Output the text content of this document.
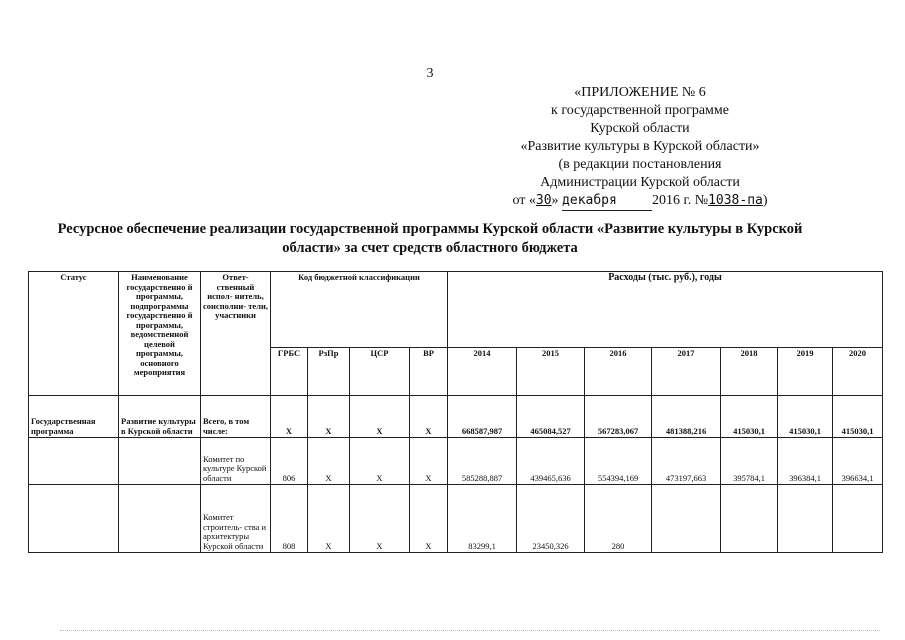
3
«ПРИЛОЖЕНИЕ № 6
к государственной программе
Курской области
«Развитие культуры в Курской области»
(в редакции постановления
Администрации Курской области
от «30» декабря	2016 г. №1038-па)
Ресурсное обеспечение реализации государственной программы Курской области «Развитие культуры в Курской области» за счет средств областного бюджета
Статус	Наименование государственно й программы, подпрограммы государственно й программы, ведомственной целевой программы, основного мероприятия	Ответ- ственный испол- нитель, соисполни- тели, участники	Код бюджетной классификации				Расходы (тыс. руб.), годы						
			ГРБС	РзПр	ЦСР	ВР	2014	2015	2016	2017	2018	2019	2020
Государственная программа	Развитие культуры в Курской области	Всего, в том числе:	X	X	X	X	668587,987	465084,527	567283,067	481388,216	415030,1	415030,1	415030,1
		Комитет по культуре Курской области	806	X	X	X	585288,887	439465,636	554394,169	473197,663	395784,1	396384,1	396634,1
		Комитет строитель- ства и архитектуры Курской области	808	X	X	X	83299,1	23450,326	280				
